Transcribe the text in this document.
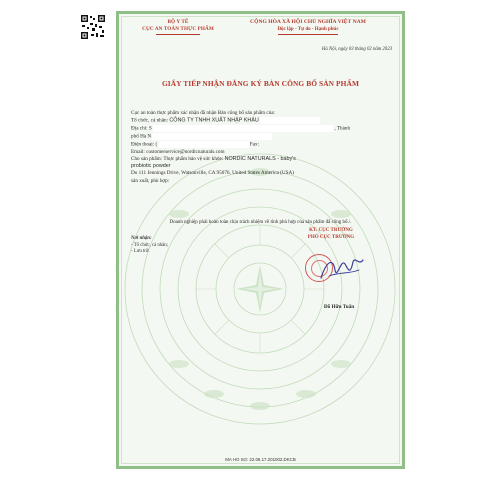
BỘ Y TẾ
CỤC AN TOÀN THỰC PHẨM
CỘNG HÒA XÃ HỘI CHỦ NGHĨA VIỆT NAM
Độc lập - Tự do - Hạnh phúc
Hà Nội, ngày 03 tháng 02 năm 2023
GIẤY TIẾP NHẬN ĐĂNG KÝ BẢN CÔNG BỐ SẢN PHẨM
Cục an toàn thực phẩm xác nhận đã nhận Bản công bố sản phẩm của:
Tổ chức, cá nhân: CÔNG TY TNHH XUẤT NHẬP KHẨU
Địa chỉ: S	, Thành
phố Hà N
Điện thoại: (	Fax:
Email: customerservice@nordicnaturals.com
Cho sản phẩm: Thực phẩm bảo vệ sức khỏe: NORDIC NATURALS - baby's
probiotic powder
Do 111 Jennings Drive, Watsonville, CA 95076, United States America (USA)
sản xuất, phù hợp:
Doanh nghiệp phải hoàn toàn chịu trách nhiệm về tính phù hợp của sản phẩm đã công bố./.
Nơi nhận:
- Tổ chức, cá nhân;
- Lưu trữ.
KT. CỤC TRƯỞNG
PHÓ CỤC TRƯỞNG
Đỗ Hữu Tuấn
MA HO SO: 22.06.17.201002.DKCB
